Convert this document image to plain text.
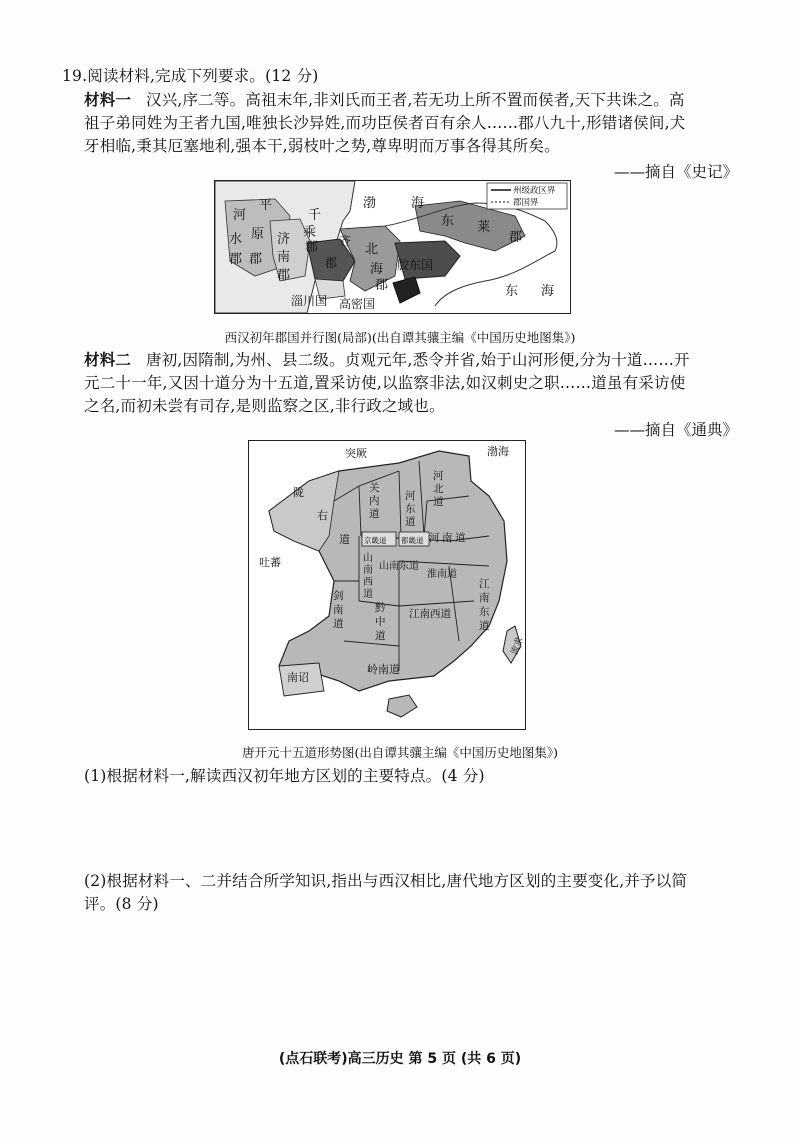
19.阅读材料,完成下列要求。(12 分)
材料一 汉兴,序二等。高祖末年,非刘氏而王者,若无功上所不置而侯者,天下共诛之。高
祖子弟同姓为王者九国,唯独长沙异姓,而功臣侯者百有余人……郡八九十,形错诸侯间,犬
牙相临,秉其厄塞地利,强本干,弱枝叶之势,尊卑明而万事各得其所矣。
——摘自《史记》
州级政区界
郡国界
渤	海
河
平
原
郡
千
乘
郡
济
南
郡
水
郡
齐
郡
北
海
郡
胶东国
东 莱
郡
东 海
淄川国 高密国
西汉初年郡国并行图(局部)(出自谭其骧主编《中国历史地图集》)
材料二 唐初,因隋制,为州、县二级。贞观元年,悉令并省,始于山河形便,分为十道……开
元二十一年,又因十道分为十五道,置采访使,以监察非法,如汉刺史之职……道虽有采访使
之名,而初未尝有司存,是则监察之区,非行政之域也。
——摘自《通典》
突厥	渤海
陇
右
道
关
内
道
河
东
道
河
北
道
河 南 道
京畿道 都畿道
吐蕃	山
南
西
道
山南东道
淮南道
剑
南
道
黔
中
道
江南西道
江
南
东
道
流求
南诏
岭南道
唐开元十五道形势图(出自谭其骧主编《中国历史地图集》)
(1)根据材料一,解读西汉初年地方区划的主要特点。(4 分)
(2)根据材料一、二并结合所学知识,指出与西汉相比,唐代地方区划的主要变化,并予以简
评。(8 分)
(点石联考)高三历史 第 5 页 (共 6 页)
